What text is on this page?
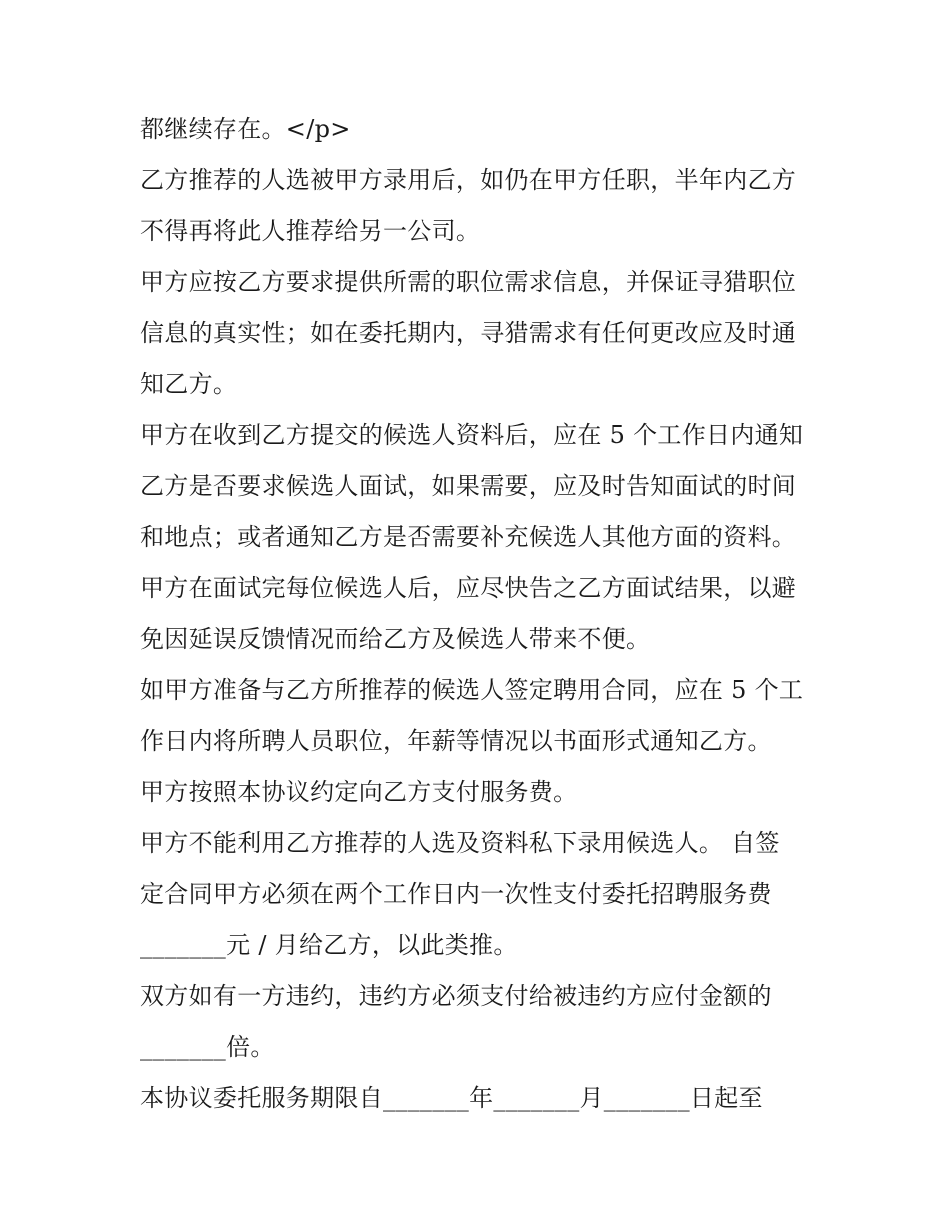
都继续存在。</p>
乙方推荐的人选被甲方录用后，如仍在甲方任职，半年内乙方
不得再将此人推荐给另一公司。
甲方应按乙方要求提供所需的职位需求信息，并保证寻猎职位
信息的真实性；如在委托期内，寻猎需求有任何更改应及时通
知乙方。
甲方在收到乙方提交的候选人资料后，应在 5 个工作日内通知
乙方是否要求候选人面试，如果需要，应及时告知面试的时间
和地点；或者通知乙方是否需要补充候选人其他方面的资料。
甲方在面试完每位候选人后，应尽快告之乙方面试结果，以避
免因延误反馈情况而给乙方及候选人带来不便。
如甲方准备与乙方所推荐的候选人签定聘用合同，应在 5 个工
作日内将所聘人员职位，年薪等情况以书面形式通知乙方。
甲方按照本协议约定向乙方支付服务费。
甲方不能利用乙方推荐的人选及资料私下录用候选人。 自签
定合同甲方必须在两个工作日内一次性支付委托招聘服务费
_______元 / 月给乙方，以此类推。
双方如有一方违约，违约方必须支付给被违约方应付金额的
_______倍。
本协议委托服务期限自_______年_______月_______日起至
